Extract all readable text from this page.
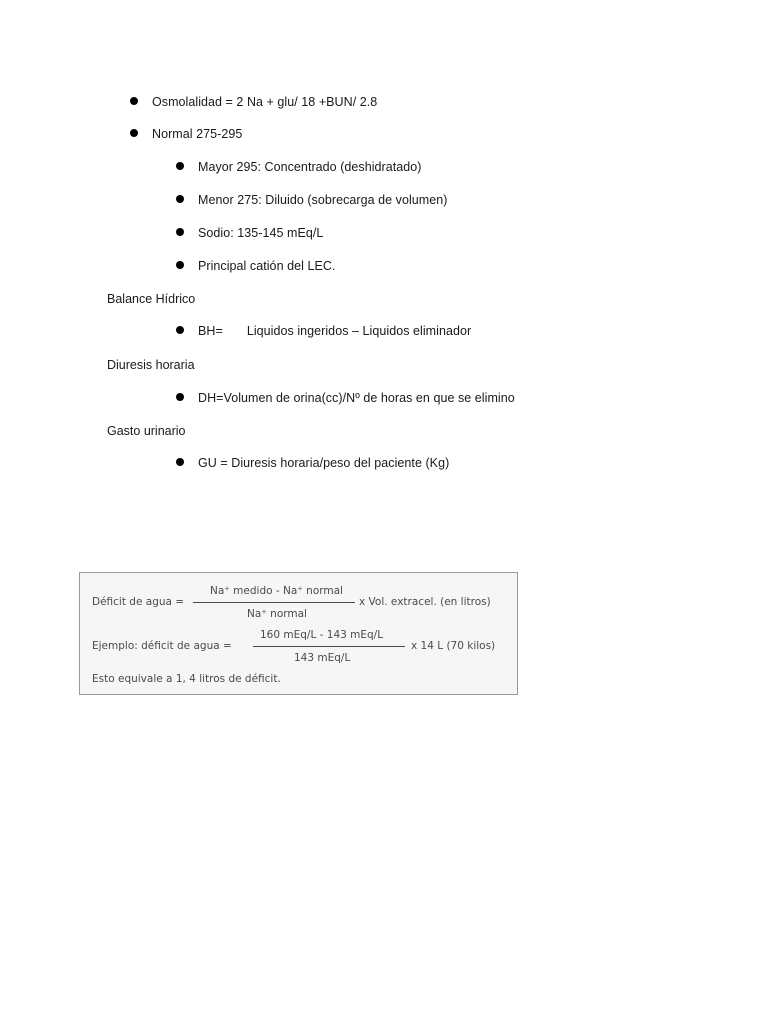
Osmolalidad = 2 Na + glu/ 18 +BUN/ 2.8
Normal 275-295
Mayor 295: Concentrado (deshidratado)
Menor 275: Diluido (sobrecarga de volumen)
Sodio: 135-145 mEq/L
Principal catión del LEC.
Balance Hídrico
BH= Liquidos ingeridos – Liquidos eliminador
Diuresis horaria
DH=Volumen de orina(cc)/Nº de horas en que se elimino
Gasto urinario
GU = Diuresis horaria/peso del paciente (Kg)
Déficit de agua =
Na⁺ medido - Na⁺ normal
Na⁺ normal
x Vol. extracel. (en litros)
Ejemplo: déficit de agua =
160 mEq/L - 143 mEq/L
143 mEq/L
x 14 L (70 kilos)
Esto equivale a 1, 4 litros de déficit.
